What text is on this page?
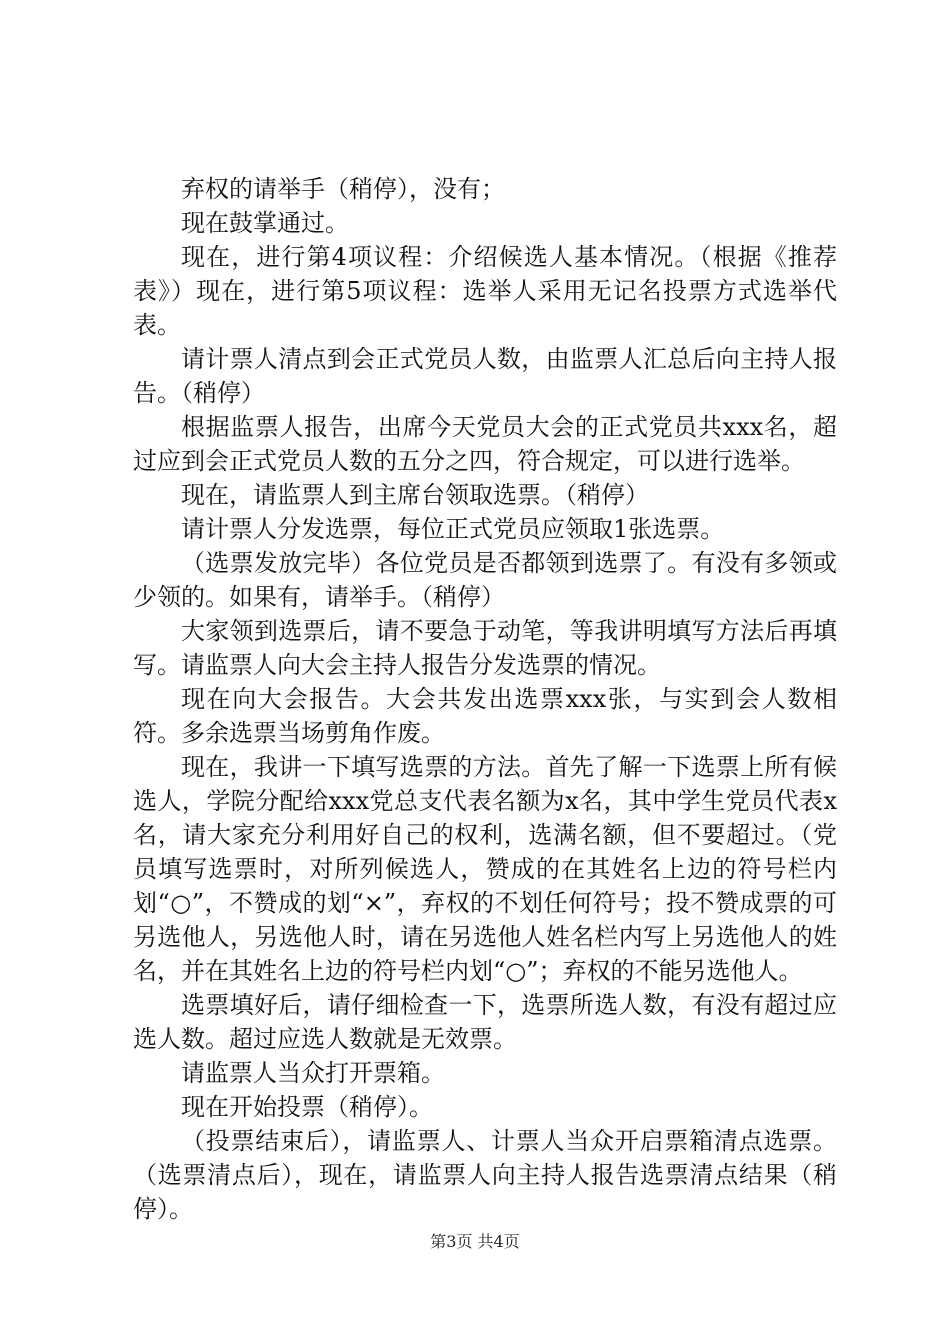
弃权的请举手（稍停），没有；

现在鼓掌通过。

现在，进行第4项议程：介绍候选人基本情况。（根据《推荐表》）现在，进行第5项议程：选举人采用无记名投票方式选举代表。

请计票人清点到会正式党员人数，由监票人汇总后向主持人报告。（稍停）

根据监票人报告，出席今天党员大会的正式党员共xxx名，超过应到会正式党员人数的五分之四，符合规定，可以进行选举。

现在，请监票人到主席台领取选票。（稍停）

请计票人分发选票，每位正式党员应领取1张选票。

（选票发放完毕）各位党员是否都领到选票了。有没有多领或少领的。如果有，请举手。（稍停）

大家领到选票后，请不要急于动笔，等我讲明填写方法后再填写。请监票人向大会主持人报告分发选票的情况。

现在向大会报告。大会共发出选票xxx张，与实到会人数相符。多余选票当场剪角作废。

现在，我讲一下填写选票的方法。首先了解一下选票上所有候选人，学院分配给xxx党总支代表名额为x名，其中学生党员代表x名，请大家充分利用好自己的权利，选满名额，但不要超过。（党员填写选票时，对所列候选人，赞成的在其姓名上边的符号栏内划“○”，不赞成的划“×”，弃权的不划任何符号；投不赞成票的可另选他人，另选他人时，请在另选他人姓名栏内写上另选他人的姓名，并在其姓名上边的符号栏内划“○”；弃权的不能另选他人。

选票填好后，请仔细检查一下，选票所选人数，有没有超过应选人数。超过应选人数就是无效票。

请监票人当众打开票箱。

现在开始投票（稍停）。

（投票结束后），请监票人、计票人当众开启票箱清点选票。（选票清点后），现在，请监票人向主持人报告选票清点结果（稍停）。

第3页 共4页
